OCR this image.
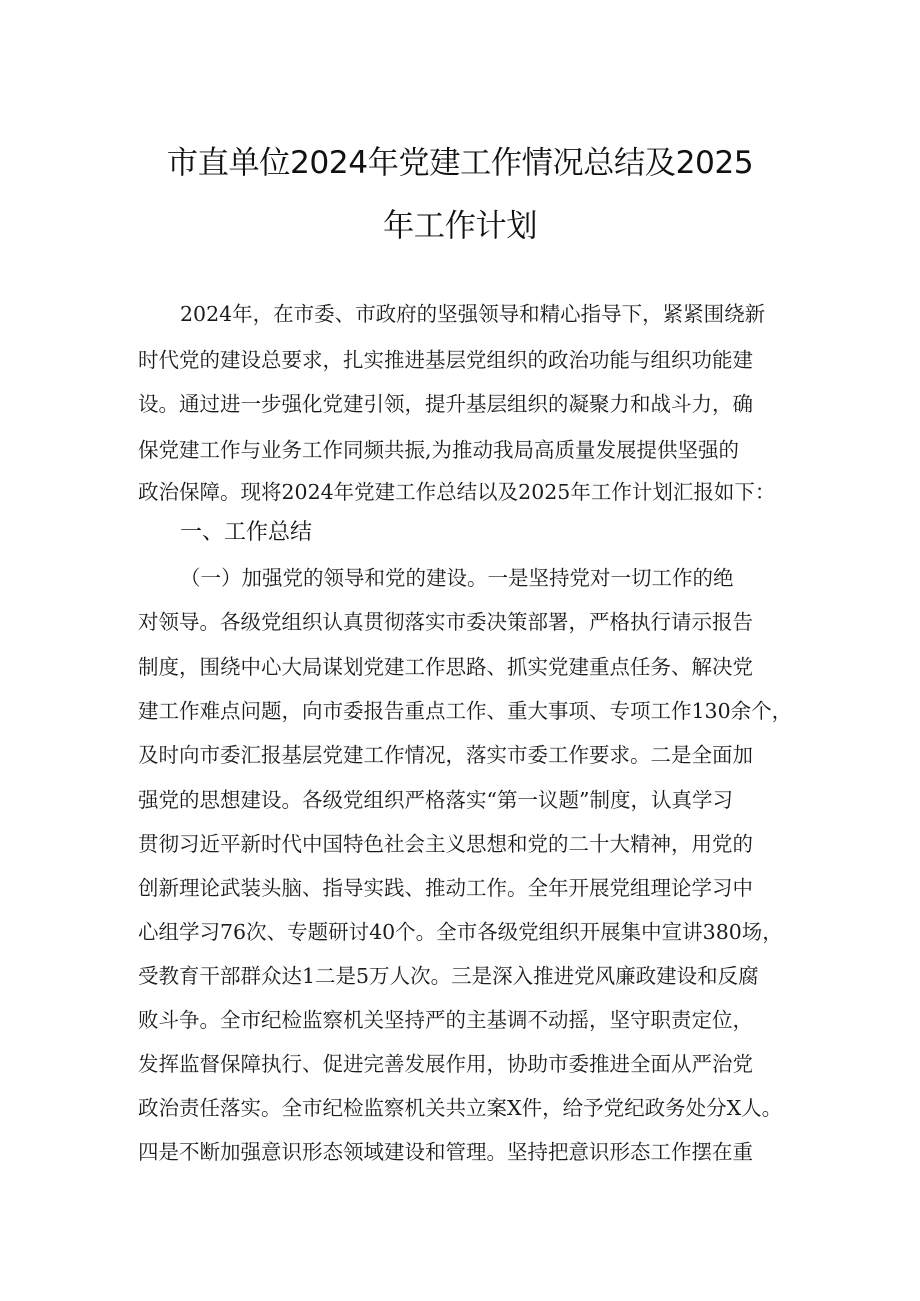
市直单位2024年党建工作情况总结及2025
年工作计划
2024年，在市委、市政府的坚强领导和精心指导下，紧紧围绕新
时代党的建设总要求，扎实推进基层党组织的政治功能与组织功能建
设。通过进一步强化党建引领，提升基层组织的凝聚力和战斗力，确
保党建工作与业务工作同频共振,为推动我局高质量发展提供坚强的
政治保障。现将2024年党建工作总结以及2025年工作计划汇报如下：
一、工作总结
（一）加强党的领导和党的建设。一是坚持党对一切工作的绝
对领导。各级党组织认真贯彻落实市委决策部署，严格执行请示报告
制度，围绕中心大局谋划党建工作思路、抓实党建重点任务、解决党
建工作难点问题，向市委报告重点工作、重大事项、专项工作130余个，
及时向市委汇报基层党建工作情况，落实市委工作要求。二是全面加
强党的思想建设。各级党组织严格落实“第一议题”制度，认真学习
贯彻习近平新时代中国特色社会主义思想和党的二十大精神，用党的
创新理论武装头脑、指导实践、推动工作。全年开展党组理论学习中
心组学习76次、专题研讨40个。全市各级党组织开展集中宣讲380场，
受教育干部群众达1二是5万人次。三是深入推进党风廉政建设和反腐
败斗争。全市纪检监察机关坚持严的主基调不动摇，坚守职责定位，
发挥监督保障执行、促进完善发展作用，协助市委推进全面从严治党
政治责任落实。全市纪检监察机关共立案X件，给予党纪政务处分X人。
四是不断加强意识形态领域建设和管理。坚持把意识形态工作摆在重
